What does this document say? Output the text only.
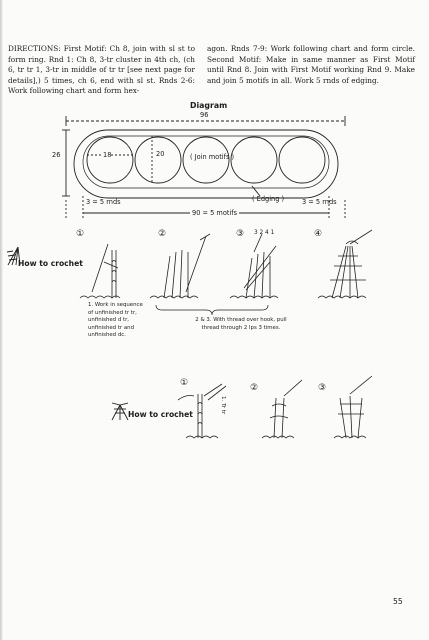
DIRECTIONS: First Motif: Ch 8, join with sl st to form ring. Rnd 1: Ch 8, 3-tr cluster in 4th ch, (ch 6, tr tr 1, 3-tr in middle of tr tr [see next page for details],) 5 times, ch 6, end with sl st. Rnds 2-6: Work following chart and form hex-
agon. Rnds 7-9: Work following chart and form circle. Second Motif: Make in same manner as First Motif until Rnd 8. Join with First Motif working Rnd 9. Make and join 5 motifs in all. Work 5 rnds of edging.
Diagram
96
26	18	20	( Join motifs )
( Edging )
3 = 5 rnds	3 = 5 rnds
90 = 5 motifs
How to crochet
①	②	③	④
3 2 4 1
1. Work in sequence of unfinished tr tr, unfinished d tr, unfinished tr and unfinished dc.
2 & 3. With thread over hook, pull thread through 2 lps 3 times.
How to crochet
①	②	③
1. Tr tr
55
